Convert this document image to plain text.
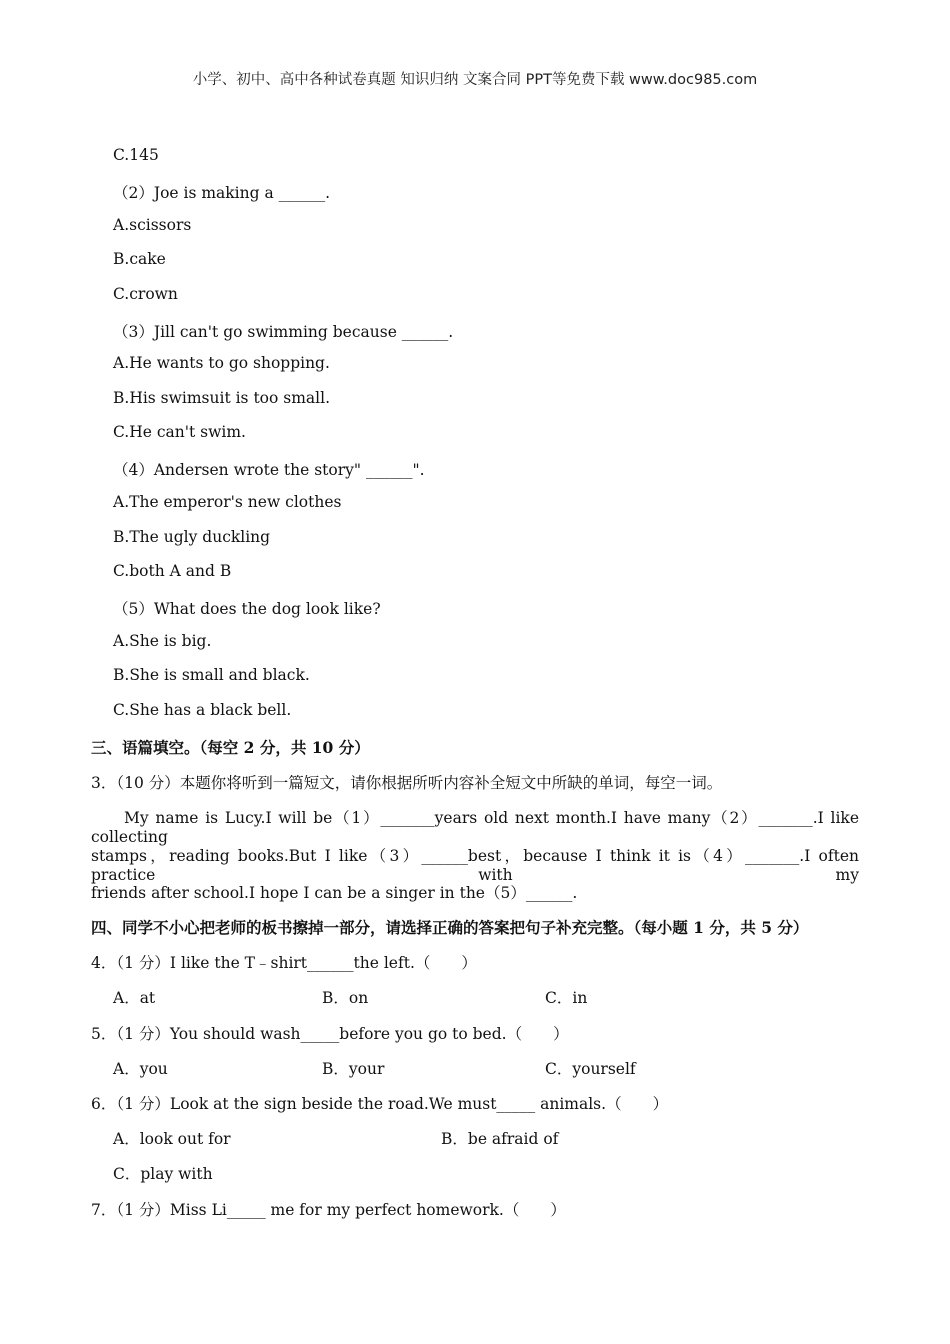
小学、初中、高中各种试卷真题 知识归纳 文案合同 PPT等免费下载 www.doc985.com
C.145
（2）Joe is making a ______.
A.scissors
B.cake
C.crown
（3）Jill can't go swimming because ______.
A.He wants to go shopping.
B.His swimsuit is too small.
C.He can't swim.
（4）Andersen wrote the story" ______".
A.The emperor's new clothes
B.The ugly duckling
C.both A and B
（5）What does the dog look like?
A.She is big.
B.She is small and black.
C.She has a black bell.
三、语篇填空。（每空 2 分，共 10 分）
3．（10 分）本题你将听到一篇短文，请你根据所听内容补全短文中所缺的单词，每空一词。
My name is Lucy.I will be（1）_______years old next month.I have many（2）_______.I like collecting
stamps，reading books.But I like（3）______best，because I think it is（4）_______.I often practice with my
friends after school.I hope I can be a singer in the（5）______.
四、同学不小心把老师的板书擦掉一部分，请选择正确的答案把句子补充完整。（每小题 1 分，共 5 分）
4．（1 分）I like the T﹣shirt______the left.（　　）
A．at	B．on	C．in
5．（1 分）You should wash_____before you go to bed.（　　）
A．you	B．your	C．yourself
6．（1 分）Look at the sign beside the road.We must_____ animals.（　　）
A．look out for	B．be afraid of
C．play with
7．（1 分）Miss Li_____ me for my perfect homework.（　　）
